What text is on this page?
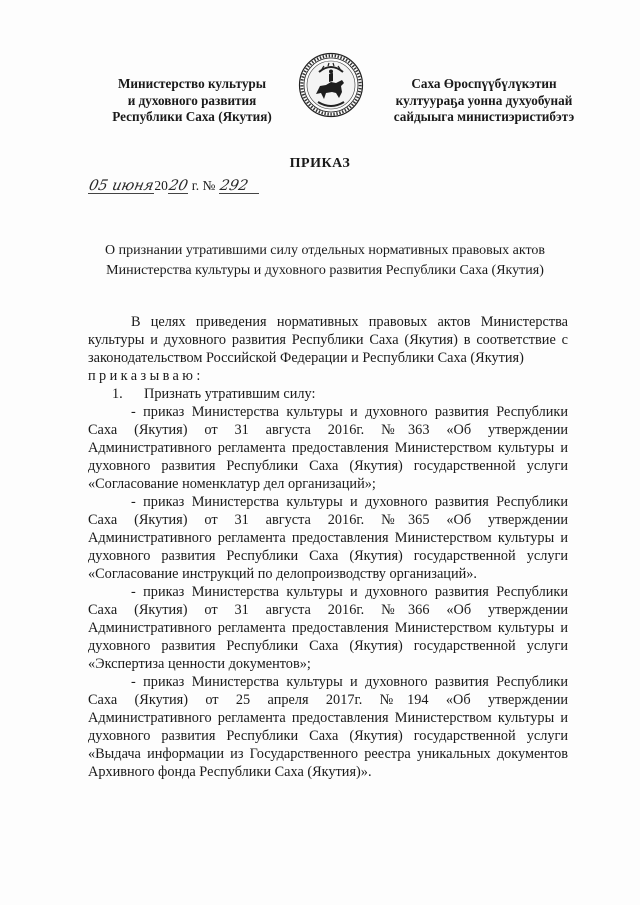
Министерство культуры
и духовного развития
Республики Саха (Якутия)
Саха Өроспүүбүлүкэтин
култуураҕа уонна духуобунай
сайдыыга министиэристибэтэ
ПРИКАЗ
05 июня2020 г. № 292
О признании утратившими силу отдельных нормативных правовых актов
Министерства культуры и духовного развития Республики Саха (Якутия)

В целях приведения нормативных правовых актов Министерства культуры и духовного развития Республики Саха (Якутия) в соответствие с законодательством Российской Федерации и Республики Саха (Якутия)

приказываю:

1. Признать утратившим силу:

- приказ Министерства культуры и духовного развития Республики Саха (Якутия) от 31 августа 2016г. №363 «Об утверждении Административного регламента предоставления Министерством культуры и духовного развития Республики Саха (Якутия) государственной услуги «Согласование номенклатур дел организаций»;

- приказ Министерства культуры и духовного развития Республики Саха (Якутия) от 31 августа 2016г. №365 «Об утверждении Административного регламента предоставления Министерством культуры и духовного развития Республики Саха (Якутия) государственной услуги «Согласование инструкций по делопроизводству организаций».

- приказ Министерства культуры и духовного развития Республики Саха (Якутия) от 31 августа 2016г. №366 «Об утверждении Административного регламента предоставления Министерством культуры и духовного развития Республики Саха (Якутия) государственной услуги «Экспертиза ценности документов»;

- приказ Министерства культуры и духовного развития Республики Саха (Якутия) от 25 апреля 2017г. №194 «Об утверждении Административного регламента предоставления Министерством культуры и духовного развития Республики Саха (Якутия) государственной услуги «Выдача информации из Государственного реестра уникальных документов Архивного фонда Республики Саха (Якутия)».
